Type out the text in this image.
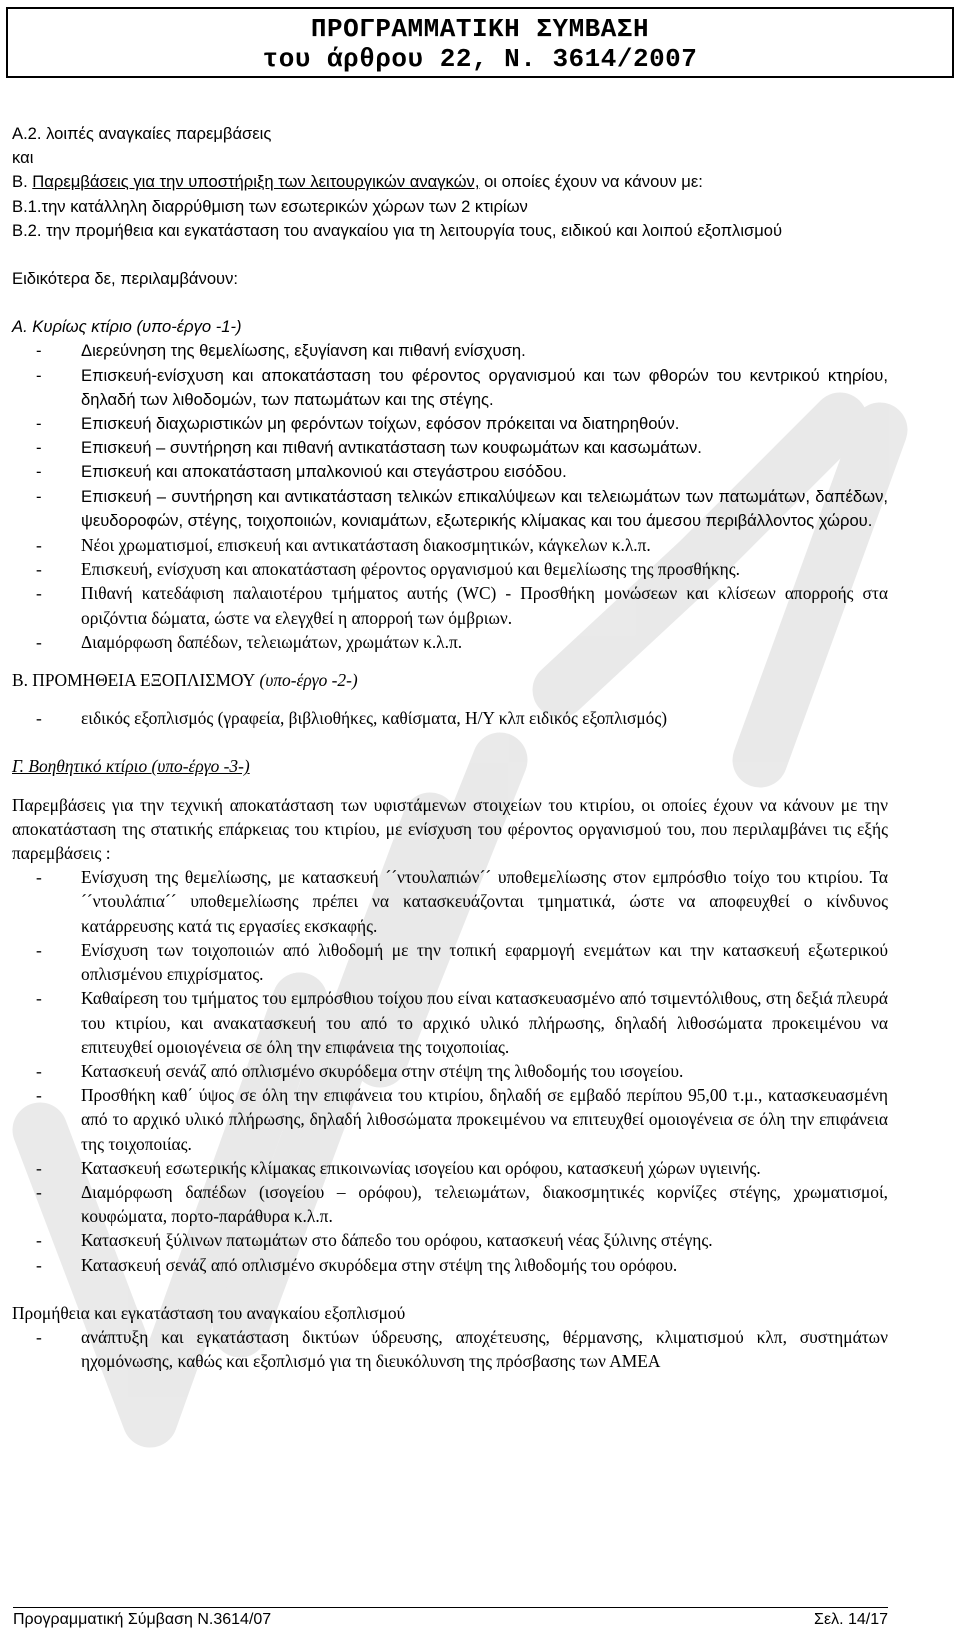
ΠΡΟΓΡΑΜΜΑΤΙΚΗ ΣΥΜΒΑΣΗ
του άρθρου 22, Ν. 3614/2007

Α.2. λοιπές αναγκαίες παρεμβάσεις

και

Β. Παρεμβάσεις για την υποστήριξη των λειτουργικών αναγκών, οι οποίες έχουν να κάνουν με:

Β.1.την κατάλληλη διαρρύθμιση των εσωτερικών χώρων των 2 κτιρίων

Β.2. την προμήθεια και εγκατάσταση του αναγκαίου για τη λειτουργία τους, ειδικού και λοιπού εξοπλισμού

Ειδικότερα δε, περιλαμβάνουν:

Α. Κυρίως κτίριο (υπο-έργο -1-)

- Διερεύνηση της θεμελίωσης, εξυγίανση και πιθανή ενίσχυση.
- Επισκευή-ενίσχυση και αποκατάσταση του φέροντος οργανισμού και των φθορών του κεντρικού κτηρίου, δηλαδή των λιθοδομών, των πατωμάτων και της στέγης.
- Επισκευή διαχωριστικών μη φερόντων τοίχων, εφόσον πρόκειται να διατηρηθούν.
- Επισκευή – συντήρηση και πιθανή αντικατάσταση των κουφωμάτων και κασωμάτων.
- Επισκευή και αποκατάσταση μπαλκονιού και στεγάστρου εισόδου.
- Επισκευή – συντήρηση και αντικατάσταση τελικών επικαλύψεων και τελειωμάτων των πατωμάτων, δαπέδων, ψευδοροφών, στέγης, τοιχοποιιών, κονιαμάτων, εξωτερικής κλίμακας και του άμεσου περιβάλλοντος χώρου.
- Νέοι χρωματισμοί, επισκευή και αντικατάσταση διακοσμητικών, κάγκελων κ.λ.π.
- Επισκευή, ενίσχυση και αποκατάσταση φέροντος οργανισμού και θεμελίωσης της προσθήκης.
- Πιθανή κατεδάφιση παλαιοτέρου τμήματος αυτής (WC) - Προσθήκη μονώσεων και κλίσεων απορροής στα οριζόντια δώματα, ώστε να ελεγχθεί η απορροή των όμβριων.
- Διαμόρφωση δαπέδων, τελειωμάτων, χρωμάτων κ.λ.π.

Β. ΠΡΟΜΗΘΕΙΑ ΕΞΟΠΛΙΣΜΟΥ (υπο-έργο -2-)

- ειδικός εξοπλισμός (γραφεία, βιβλιοθήκες, καθίσματα, Η/Υ κλπ ειδικός εξοπλισμός)

Γ. Βοηθητικό κτίριο (υπο-έργο -3-)

Παρεμβάσεις για την τεχνική αποκατάσταση των υφιστάμενων στοιχείων του κτιρίου, οι οποίες έχουν να κάνουν με την αποκατάσταση της στατικής επάρκειας του κτιρίου, με ενίσχυση του φέροντος οργανισμού του, που περιλαμβάνει τις εξής παρεμβάσεις :

- Ενίσχυση της θεμελίωσης, με κατασκευή ´´ντουλαπιών´´ υποθεμελίωσης στον εμπρόσθιο τοίχο του κτιρίου. Τα ´´ντουλάπια´´ υποθεμελίωσης πρέπει να κατασκευάζονται τμηματικά, ώστε να αποφευχθεί ο κίνδυνος κατάρρευσης κατά τις εργασίες εκσκαφής.
- Ενίσχυση των τοιχοποιιών από λιθοδομή με την τοπική εφαρμογή ενεμάτων και την κατασκευή εξωτερικού οπλισμένου επιχρίσματος.
- Καθαίρεση του τμήματος του εμπρόσθιου τοίχου που είναι κατασκευασμένο από τσιμεντόλιθους, στη δεξιά πλευρά του κτιρίου, και ανακατασκευή του από το αρχικό υλικό πλήρωσης, δηλαδή λιθοσώματα προκειμένου να επιτευχθεί ομοιογένεια σε όλη την επιφάνεια της τοιχοποιίας.
- Κατασκευή σενάζ από οπλισμένο σκυρόδεμα στην στέψη της λιθοδομής του ισογείου.
- Προσθήκη καθ΄ ύψος σε όλη την επιφάνεια του κτιρίου, δηλαδή σε εμβαδό περίπου 95,00 τ.μ., κατασκευασμένη από το αρχικό υλικό πλήρωσης, δηλαδή λιθοσώματα προκειμένου να επιτευχθεί ομοιογένεια σε όλη την επιφάνεια της τοιχοποιίας.
- Κατασκευή εσωτερικής κλίμακας επικοινωνίας ισογείου και ορόφου, κατασκευή χώρων υγιεινής.
- Διαμόρφωση δαπέδων (ισογείου – ορόφου), τελειωμάτων, διακοσμητικές κορνίζες στέγης, χρωματισμοί, κουφώματα, πορτο-παράθυρα κ.λ.π.
- Κατασκευή ξύλινων πατωμάτων στο δάπεδο του ορόφου, κατασκευή νέας ξύλινης στέγης.
- Κατασκευή σενάζ από οπλισμένο σκυρόδεμα στην στέψη της λιθοδομής του ορόφου.

Προμήθεια και εγκατάσταση του αναγκαίου εξοπλισμού

- ανάπτυξη και εγκατάσταση δικτύων ύδρευσης, αποχέτευσης, θέρμανσης, κλιματισμού κλπ, συστημάτων ηχομόνωσης, καθώς και εξοπλισμό για τη διευκόλυνση της πρόσβασης των ΑΜΕΑ
Προγραμματική Σύμβαση Ν.3614/07	Σελ. 14/17
